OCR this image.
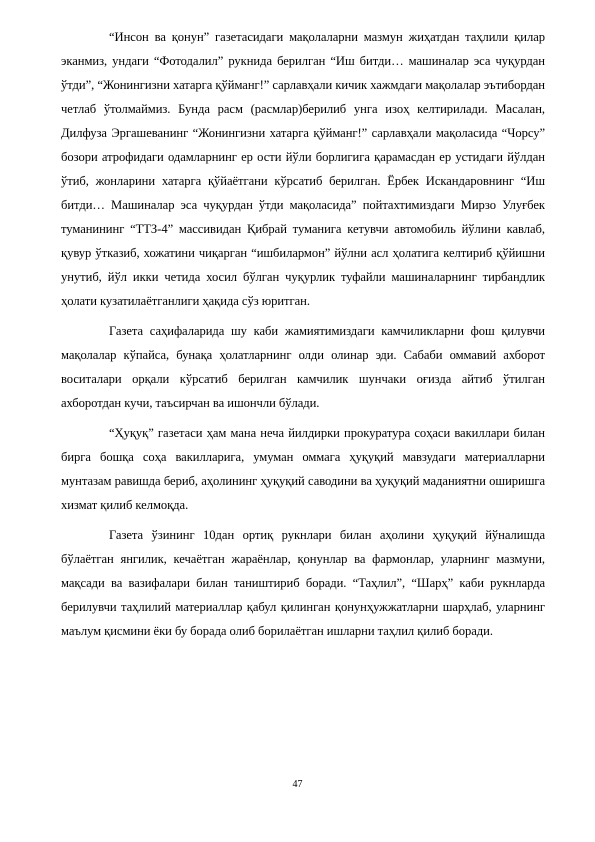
“Инсон ва қонун” газетасидаги мақолаларни мазмун жиҳатдан таҳлили қилар эканмиз, ундаги “Фотодалил” рукнида берилган “Иш битди… машиналар эса чуқурдан ўтди”, “Жонингизни хатарга қўйманг!” сарлавҳали кичик хажмдаги мақолалар эътибордан четлаб ўтолмаймиз. Бунда расм (расмлар)берилиб унга изоҳ келтирилади. Масалан, Дилфуза Эргашеванинг “Жонингизни хатарга қўйманг!” сарлавҳали мақоласида “Чорсу” бозори атрофидаги одамларнинг ер ости йўли борлигига қарамасдан ер устидаги йўлдан ўтиб, жонларини хатарга қўйаётгани кўрсатиб берилган. Ёрбек Искандаровнинг “Иш битди… Машиналар эса чуқурдан ўтди мақоласида” пойтахтимиздаги Мирзо Улуғбек туманининг “ТТЗ-4” массивидан Қибрай туманига кетувчи автомобиль йўлини кавлаб, қувур ўтказиб, хожатини чиқарган “ишбилармон” йўлни асл ҳолатига келтириб қўйишни унутиб, йўл икки четида хосил бўлган чуқурлик туфайли машиналарнинг тирбандлик ҳолати кузатилаётганлиги ҳақида сўз юритган.

Газета саҳифаларида шу каби жамиятимиздаги камчиликларни фош қилувчи мақолалар кўпайса, бунақа ҳолатларнинг олди олинар эди. Сабаби оммавий ахборот воситалари орқали кўрсатиб берилган камчилик шунчаки оғизда айтиб ўтилган ахборотдан кучи, таъсирчан ва ишончли бўлади.

“Ҳуқуқ” газетаси ҳам мана неча йилдирки прокуратура соҳаси вакиллари билан бирга бошқа соҳа вакилларига, умуман оммага ҳуқуқий мавзудаги материалларни мунтазам равишда бериб, аҳолининг ҳуқуқий саводини ва ҳуқуқий маданиятни оширишга хизмат қилиб келмоқда.

Газета ўзининг 10дан ортиқ рукнлари билан аҳолини ҳуқуқий йўналишда бўлаётган янгилик, кечаётган жараёнлар, қонунлар ва фармонлар, уларнинг мазмуни, мақсади ва вазифалари билан таништириб боради. “Таҳлил”, “Шарҳ” каби рукнларда берилувчи таҳлилий материаллар қабул қилинган қонунҳужжатларни шарҳлаб, уларнинг маълум қисмини ёки бу борада олиб борилаётган ишларни таҳлил қилиб боради.

47
